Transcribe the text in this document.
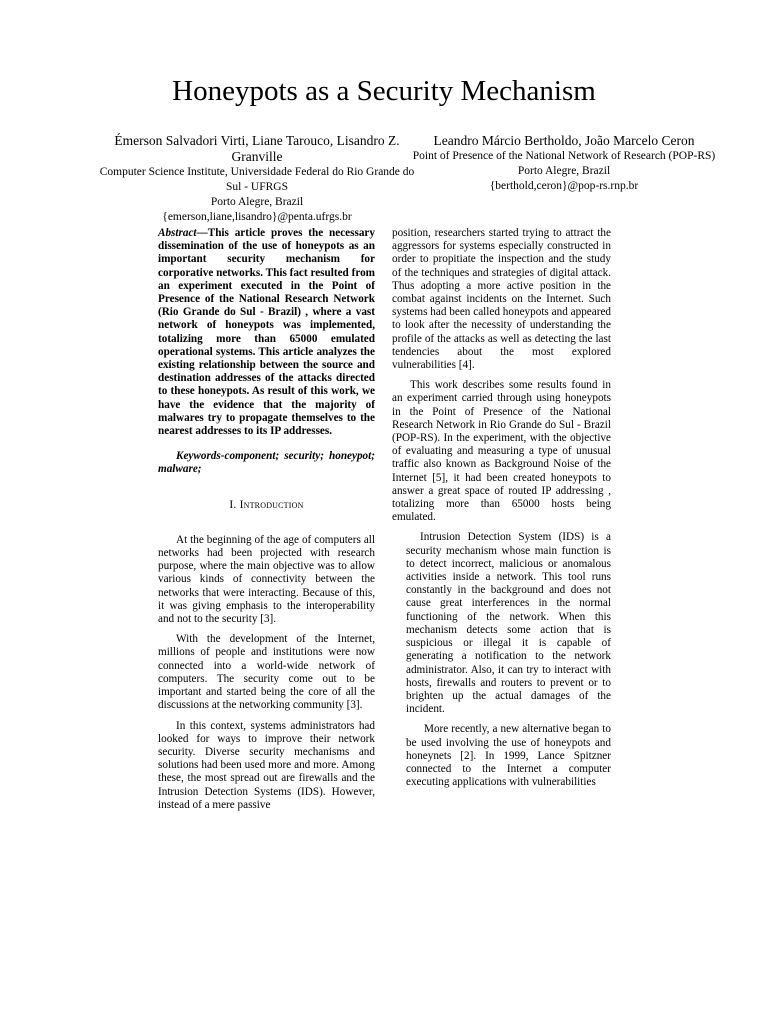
Honeypots as a Security Mechanism

Émerson Salvadori Virti, Liane Tarouco, Lisandro Z. Granville

Computer Science Institute, Universidade Federal do Rio Grande do Sul - UFRGS

Porto Alegre, Brazil

{emerson,liane,lisandro}@penta.ufrgs.br

Leandro Márcio Bertholdo, João Marcelo Ceron

Point of Presence of the National Network of Research (POP-RS)

Porto Alegre, Brazil

{berthold,ceron}@pop-rs.rnp.br

Abstract—This article proves the necessary dissemination of the use of honeypots as an important security mechanism for corporative networks. This fact resulted from an experiment executed in the Point of Presence of the National Research Network (Rio Grande do Sul - Brazil) , where a vast network of honeypots was implemented, totalizing more than 65000 emulated operational systems. This article analyzes the existing relationship between the source and destination addresses of the attacks directed to these honeypots. As result of this work, we have the evidence that the majority of malwares try to propagate themselves to the nearest addresses to its IP addresses.

Keywords-component; security; honeypot; malware;

I. Introduction

At the beginning of the age of computers all networks had been projected with research purpose, where the main objective was to allow various kinds of connectivity between the networks that were interacting. Because of this, it was giving emphasis to the interoperability and not to the security [3].

With the development of the Internet, millions of people and institutions were now connected into a world-wide network of computers. The security come out to be important and started being the core of all the discussions at the networking community [3].

In this context, systems administrators had looked for ways to improve their network security. Diverse security mechanisms and solutions had been used more and more. Among these, the most spread out are firewalls and the Intrusion Detection Systems (IDS). However, instead of a mere passive

position, researchers started trying to attract the aggressors for systems especially constructed in order to propitiate the inspection and the study of the techniques and strategies of digital attack. Thus adopting a more active position in the combat against incidents on the Internet. Such systems had been called honeypots and appeared to look after the necessity of understanding the profile of the attacks as well as detecting the last tendencies about the most explored vulnerabilities [4].

This work describes some results found in an experiment carried through using honeypots in the Point of Presence of the National Research Network in Rio Grande do Sul - Brazil (POP-RS). In the experiment, with the objective of evaluating and measuring a type of unusual traffic also known as Background Noise of the Internet [5], it had been created honeypots to answer a great space of routed IP addressing , totalizing more than 65000 hosts being emulated.

Intrusion Detection System (IDS) is a security mechanism whose main function is to detect incorrect, malicious or anomalous activities inside a network. This tool runs constantly in the background and does not cause great interferences in the normal functioning of the network. When this mechanism detects some action that is suspicious or illegal it is capable of generating a notification to the network administrator. Also, it can try to interact with hosts, firewalls and routers to prevent or to brighten up the actual damages of the incident.

More recently, a new alternative began to be used involving the use of honeypots and honeynets [2]. In 1999, Lance Spitzner connected to the Internet a computer executing applications with vulnerabilities
